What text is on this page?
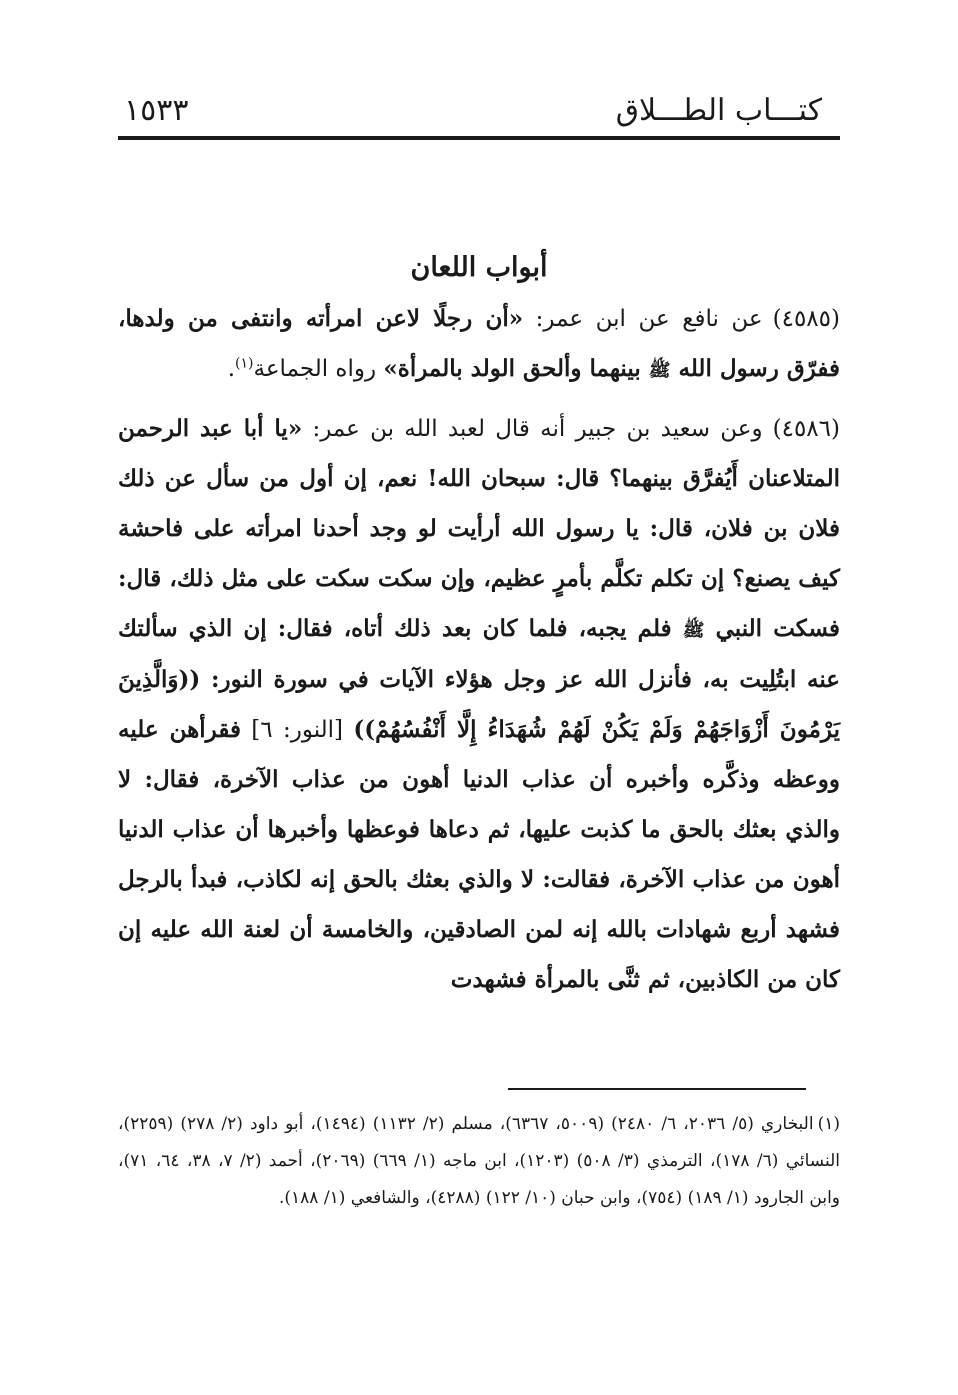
كتـــاب الطـــلاق
١٥٣٣
أبواب اللعان

(٤٥٨٥)عن نافع عن ابن عمر: «أن رجلًا لاعن امرأته وانتفى من ولدها، ففرّق رسول الله ﷺ بينهما وألحق الولد بالمرأة» رواه الجماعة$^{(١)}$.

(٤٥٨٦)وعن سعيد بن جبير أنه قال لعبد الله بن عمر: «يا أبا عبد الرحمن المتلاعنان أَيُفرَّق بينهما؟ قال: سبحان الله! نعم، إن أول من سأل عن ذلك فلان بن فلان، قال: يا رسول الله أرأيت لو وجد أحدنا امرأته على فاحشة كيف يصنع؟ إن تكلم تكلَّم بأمرٍ عظيم، وإن سكت سكت على مثل ذلك، قال: فسكت النبي ﷺ فلم يجبه، فلما كان بعد ذلك أتاه، فقال: إن الذي سألتك عنه ابتُلِيت به، فأنزل الله عز وجل هؤلاء الآيات في سورة النور: ((وَالَّذِينَ يَرْمُونَ أَزْوَاجَهُمْ وَلَمْ يَكُنْ لَهُمْ شُهَدَاءُ إِلَّا أَنْفُسُهُمْ)) [النور: ٦] فقرأهن عليه ووعظه وذكَّره وأخبره أن عذاب الدنيا أهون من عذاب الآخرة، فقال: لا والذي بعثك بالحق ما كذبت عليها، ثم دعاها فوعظها وأخبرها أن عذاب الدنيا أهون من عذاب الآخرة، فقالت: لا والذي بعثك بالحق إنه لكاذب، فبدأ بالرجل فشهد أربع شهادات بالله إنه لمن الصادقين، والخامسة أن لعنة الله عليه إن كان من الكاذبين، ثم ثنَّى بالمرأة فشهدت

(١)البخاري (٥/ ٢٠٣٦، ٦/ ٢٤٨٠) (٥٠٠٩، ٦٣٦٧)، مسلم (٢/ ١١٣٢) (١٤٩٤)، أبو داود (٢/ ٢٧٨) (٢٢٥٩)، النسائي (٦/ ١٧٨)، الترمذي (٣/ ٥٠٨) (١٢٠٣)، ابن ماجه (١/ ٦٦٩) (٢٠٦٩)، أحمد (٢/ ٧، ٣٨، ٦٤، ٧١)، وابن الجارود (١/ ١٨٩) (٧٥٤)، وابن حبان (١٠/ ١٢٢) (٤٢٨٨)، والشافعي (١/ ١٨٨).
